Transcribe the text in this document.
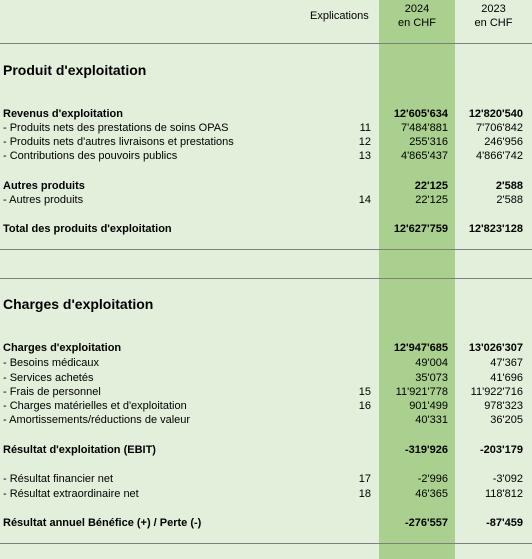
Explications
2024
en CHF
2023
en CHF
Produit d'exploitation
Revenus d'exploitation	12'605'634	12'820'540
- Produits nets des prestations de soins OPAS	11	7'484'881	7'706'842
- Produits nets d'autres livraisons et prestations	12	255'316	246'956
- Contributions des pouvoirs publics	13	4'865'437	4'866'742
Autres produits	22'125	2'588
- Autres produits	14	22'125	2'588
Total des produits d'exploitation	12'627'759	12'823'128
Charges d'exploitation
Charges d'exploitation	12'947'685	13'026'307
- Besoins médicaux	49'004	47'367
- Services achetés	35'073	41'696
- Frais de personnel	15	11'921'778	11'922'716
- Charges matérielles et d'exploitation	16	901'499	978'323
- Amortissements/réductions de valeur	40'331	36'205
Résultat d'exploitation (EBIT)	-319'926	-203'179
- Résultat financier net	17	-2'996	-3'092
- Résultat extraordinaire net	18	46'365	118'812
Résultat annuel Bénéfice (+) / Perte (-)	-276'557	-87'459
